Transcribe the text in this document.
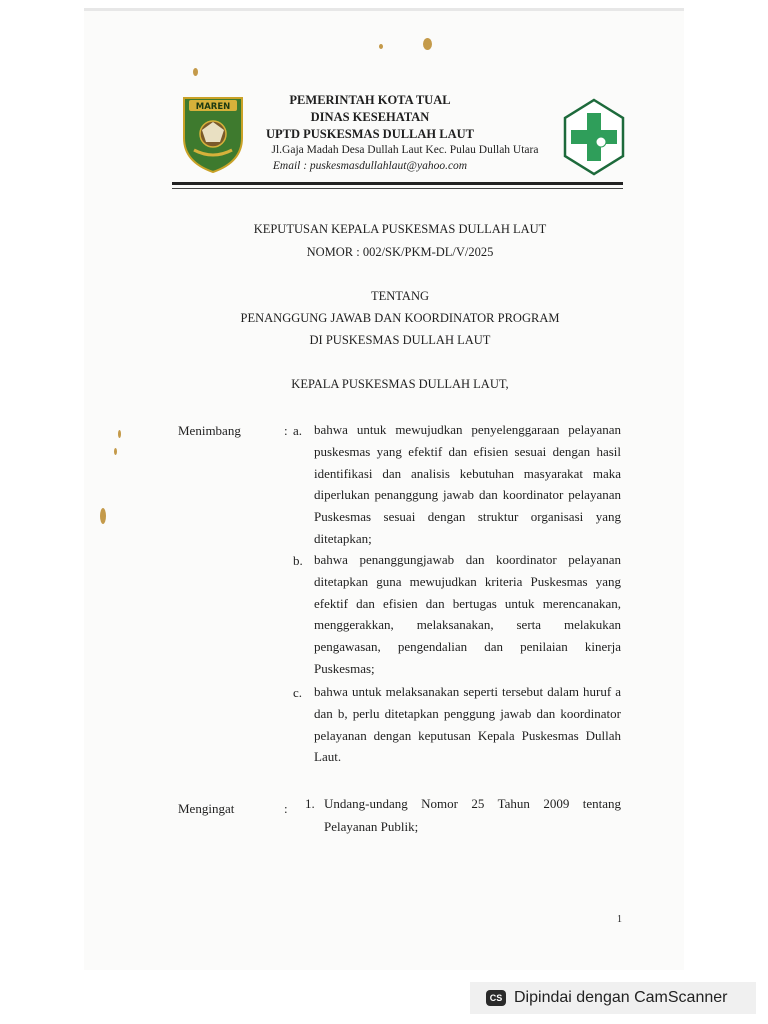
MAREN	PEMERINTAH KOTA TUAL
DINAS KESEHATAN
UPTD PUSKESMAS DULLAH LAUT
Jl.Gaja Madah Desa Dullah Laut Kec. Pulau Dullah Utara
Email : puskesmasdullahlaut@yahoo.com
KEPUTUSAN KEPALA PUSKESMAS DULLAH LAUT
NOMOR : 002/SK/PKM-DL/V/2025
TENTANG
PENANGGUNG JAWAB DAN KOORDINATOR PROGRAM
DI PUSKESMAS DULLAH LAUT
KEPALA PUSKESMAS DULLAH LAUT,
Menimbang	: a. bahwa untuk mewujudkan penyelenggaraan pelayanan puskesmas yang efektif dan efisien sesuai dengan hasil identifikasi dan analisis kebutuhan masyarakat maka diperlukan penanggung jawab dan koordinator pelayanan Puskesmas sesuai dengan struktur organisasi yang ditetapkan;

b. bahwa penanggungjawab dan koordinator pelayanan ditetapkan guna mewujudkan kriteria Puskesmas yang efektif dan efisien dan bertugas untuk merencanakan, menggerakkan, melaksanakan, serta melakukan pengawasan, pengendalian dan penilaian kinerja Puskesmas;

c. bahwa untuk melaksanakan seperti tersebut dalam huruf a dan b, perlu ditetapkan penggung jawab dan koordinator pelayanan dengan keputusan Kepala Puskesmas Dullah Laut.

Mengingat	: 1. Undang-undang Nomor 25 Tahun 2009 tentang Pelayanan Publik;

1
CS Dipindai dengan CamScanner
